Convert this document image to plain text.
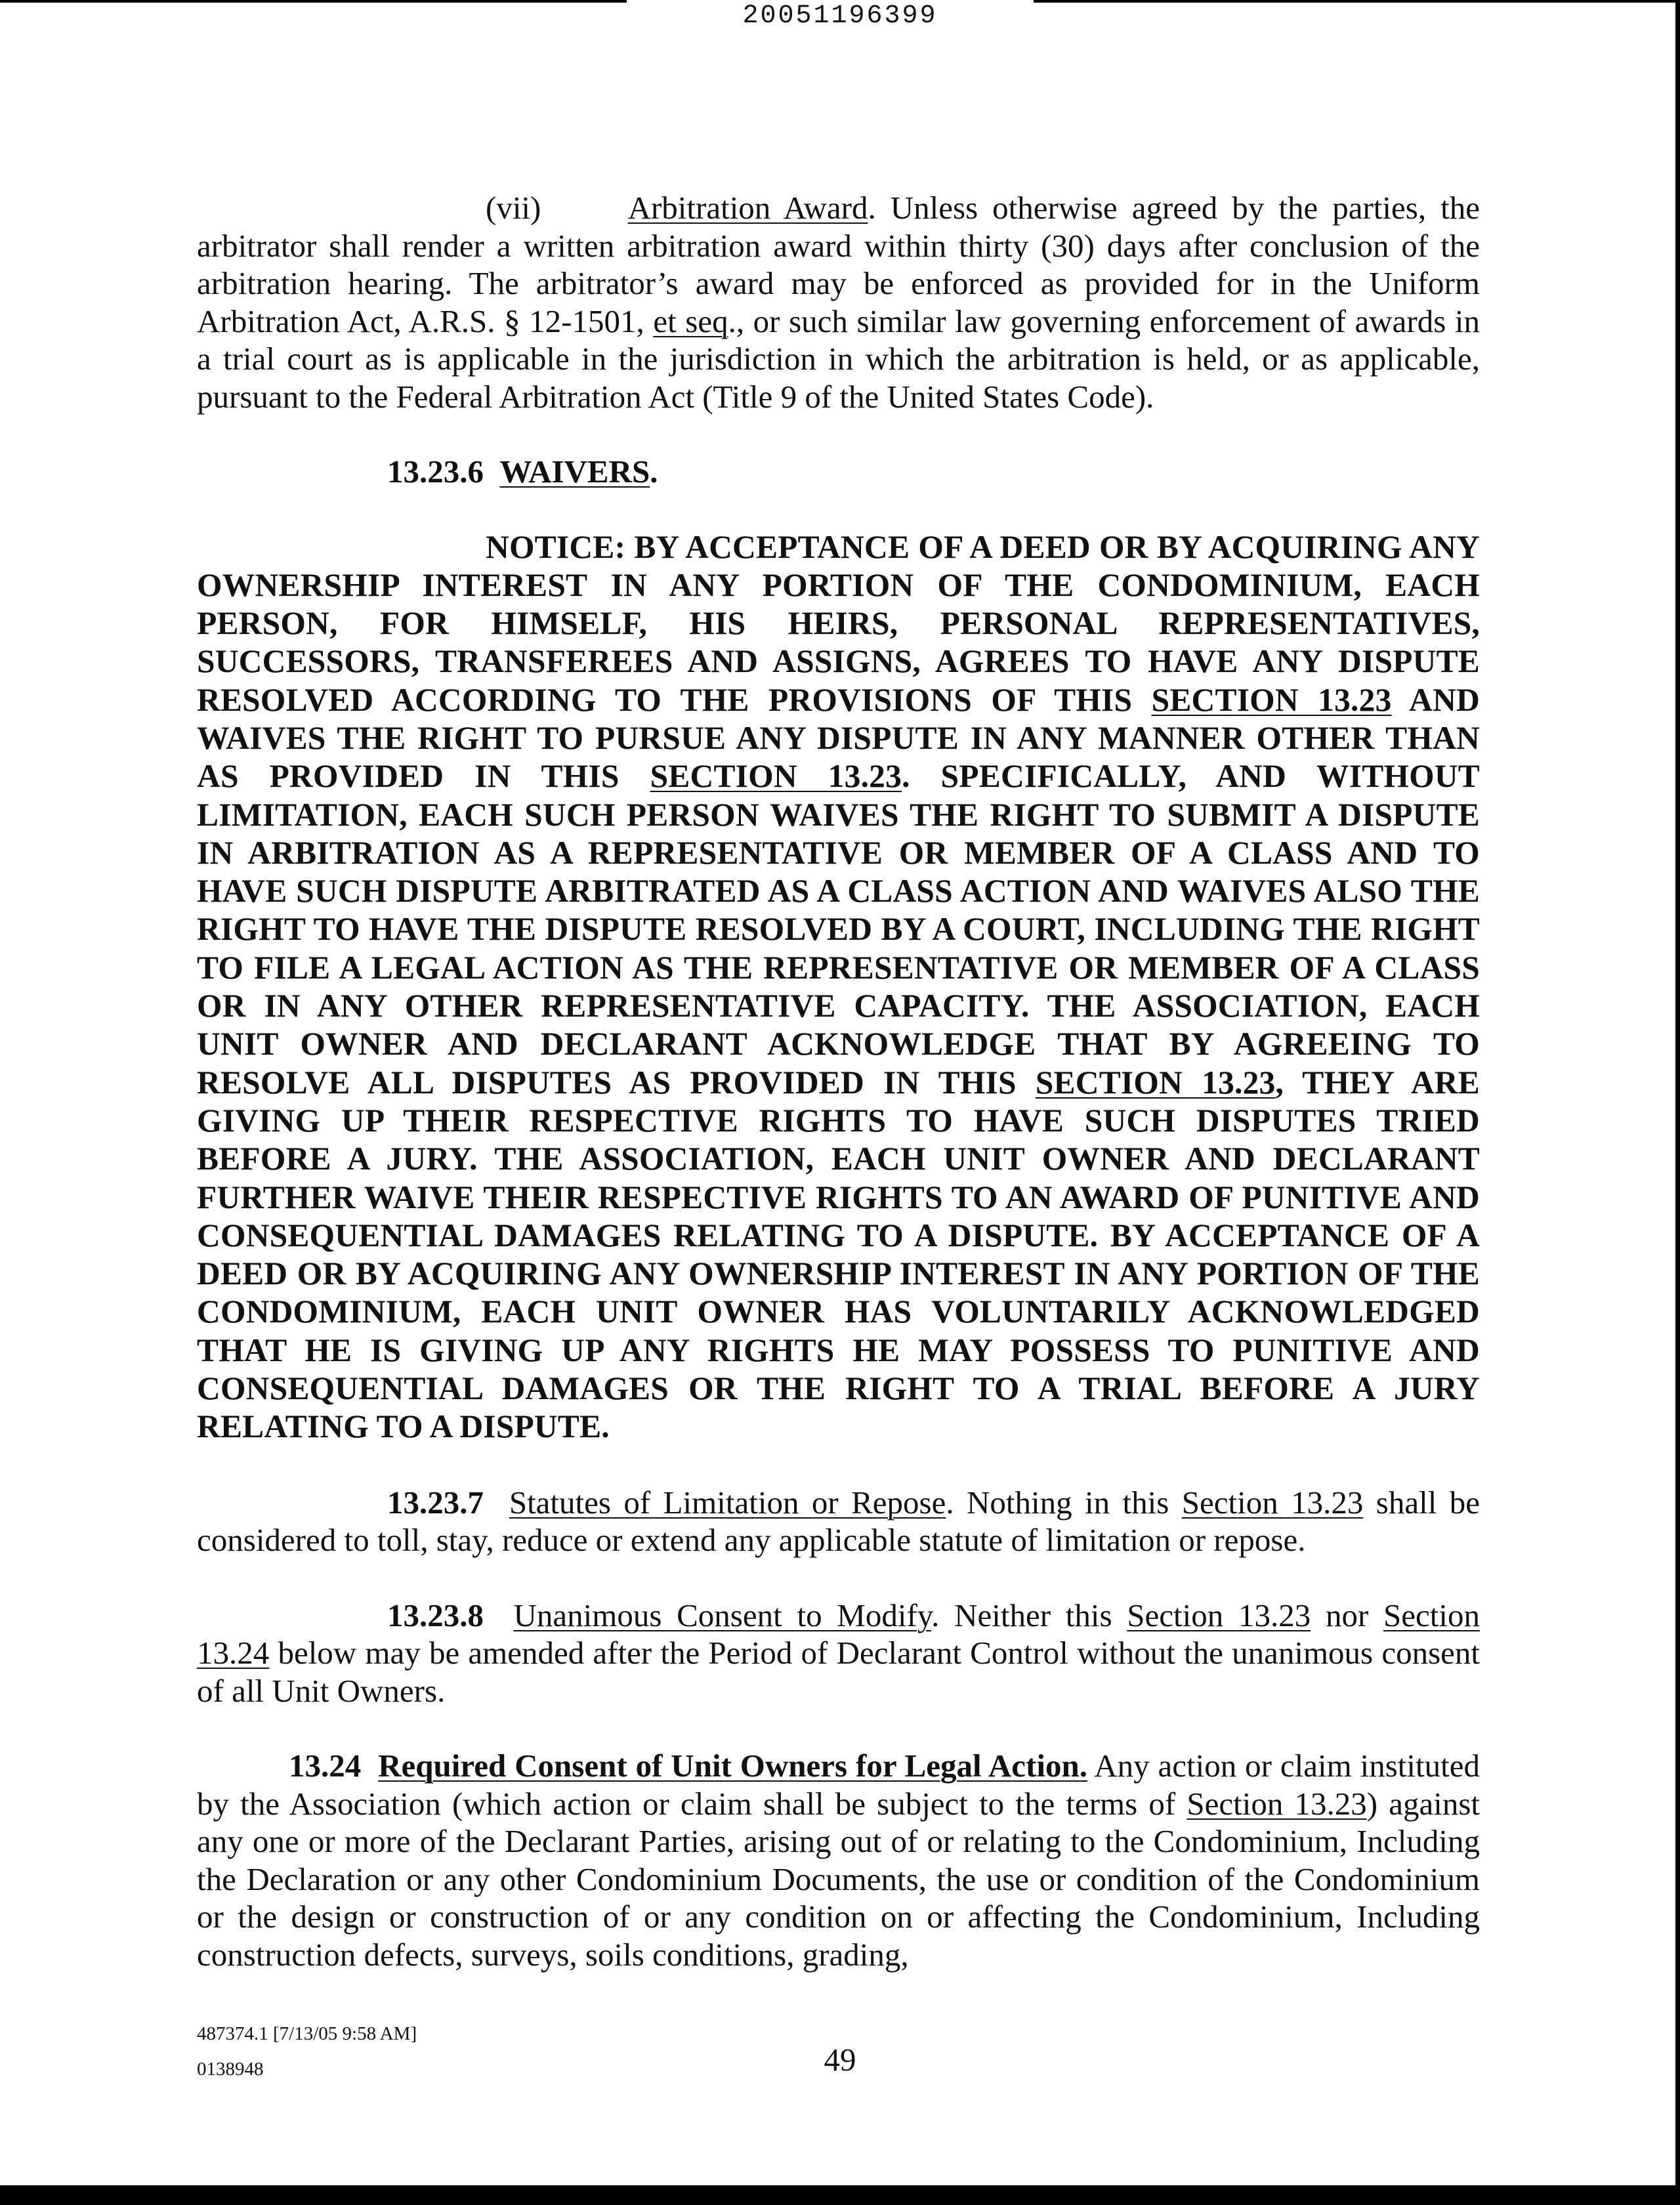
20051196399

(vii)	Arbitration Award. Unless otherwise agreed by the parties, the arbitrator shall render a written arbitration award within thirty (30) days after conclusion of the arbitration hearing. The arbitrator’s award may be enforced as provided for in the Uniform Arbitration Act, A.R.S. § 12-1501, et seq., or such similar law governing enforcement of awards in a trial court as is applicable in the jurisdiction in which the arbitration is held, or as applicable, pursuant to the Federal Arbitration Act (Title 9 of the United States Code).

13.23.6 WAIVERS.

NOTICE: BY ACCEPTANCE OF A DEED OR BY ACQUIRING ANY OWNERSHIP INTEREST IN ANY PORTION OF THE CONDOMINIUM, EACH PERSON, FOR HIMSELF, HIS HEIRS, PERSONAL REPRESENTATIVES, SUCCESSORS, TRANSFEREES AND ASSIGNS, AGREES TO HAVE ANY DISPUTE RESOLVED ACCORDING TO THE PROVISIONS OF THIS SECTION 13.23 AND WAIVES THE RIGHT TO PURSUE ANY DISPUTE IN ANY MANNER OTHER THAN AS PROVIDED IN THIS SECTION 13.23. SPECIFICALLY, AND WITHOUT LIMITATION, EACH SUCH PERSON WAIVES THE RIGHT TO SUBMIT A DISPUTE IN ARBITRATION AS A REPRESENTATIVE OR MEMBER OF A CLASS AND TO HAVE SUCH DISPUTE ARBITRATED AS A CLASS ACTION AND WAIVES ALSO THE RIGHT TO HAVE THE DISPUTE RESOLVED BY A COURT, INCLUDING THE RIGHT TO FILE A LEGAL ACTION AS THE REPRESENTATIVE OR MEMBER OF A CLASS OR IN ANY OTHER REPRESENTATIVE CAPACITY. THE ASSOCIATION, EACH UNIT OWNER AND DECLARANT ACKNOWLEDGE THAT BY AGREEING TO RESOLVE ALL DISPUTES AS PROVIDED IN THIS SECTION 13.23, THEY ARE GIVING UP THEIR RESPECTIVE RIGHTS TO HAVE SUCH DISPUTES TRIED BEFORE A JURY. THE ASSOCIATION, EACH UNIT OWNER AND DECLARANT FURTHER WAIVE THEIR RESPECTIVE RIGHTS TO AN AWARD OF PUNITIVE AND CONSEQUENTIAL DAMAGES RELATING TO A DISPUTE. BY ACCEPTANCE OF A DEED OR BY ACQUIRING ANY OWNERSHIP INTEREST IN ANY PORTION OF THE CONDOMINIUM, EACH UNIT OWNER HAS VOLUNTARILY ACKNOWLEDGED THAT HE IS GIVING UP ANY RIGHTS HE MAY POSSESS TO PUNITIVE AND CONSEQUENTIAL DAMAGES OR THE RIGHT TO A TRIAL BEFORE A JURY RELATING TO A DISPUTE.

13.23.7 Statutes of Limitation or Repose. Nothing in this Section 13.23 shall be considered to toll, stay, reduce or extend any applicable statute of limitation or repose.

13.23.8 Unanimous Consent to Modify. Neither this Section 13.23 nor Section 13.24 below may be amended after the Period of Declarant Control without the unanimous consent of all Unit Owners.

13.24 Required Consent of Unit Owners for Legal Action. Any action or claim instituted by the Association (which action or claim shall be subject to the terms of Section 13.23) against any one or more of the Declarant Parties, arising out of or relating to the Condominium, Including the Declaration or any other Condominium Documents, the use or condition of the Condominium or the design or construction of or any condition on or affecting the Condominium, Including construction defects, surveys, soils conditions, grading,

487374.1 [7/13/05 9:58 AM]
0138948	49
